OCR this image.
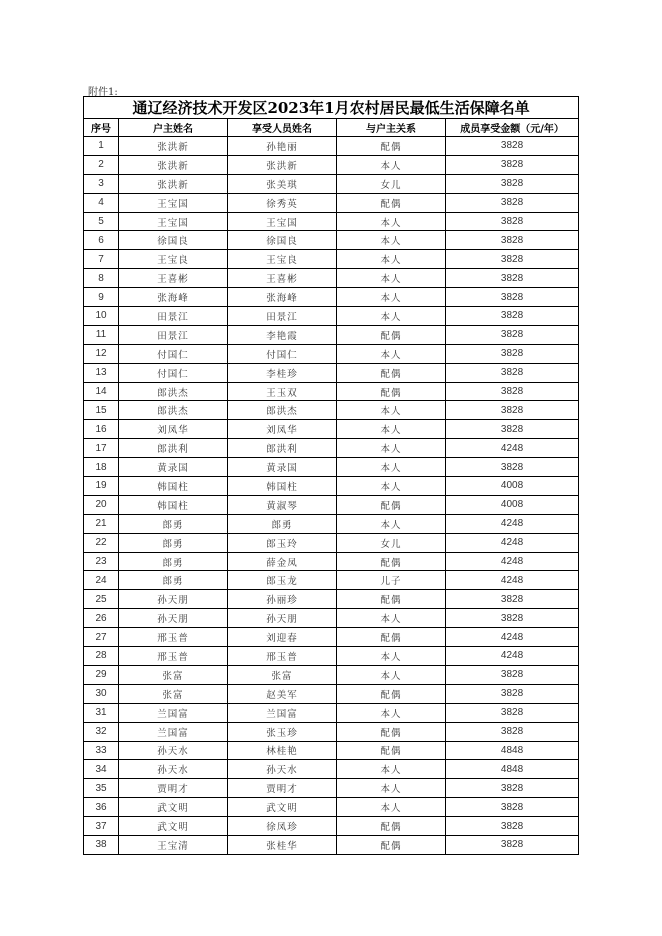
附件1:
通辽经济技术开发区2023年1月农村居民最低生活保障名单				
序号	户主姓名	享受人员姓名	与户主关系	成员享受金额（元/年）
1	张洪新	孙艳丽	配偶	3828
2	张洪新	张洪新	本人	3828
3	张洪新	张美琪	女儿	3828
4	王宝国	徐秀英	配偶	3828
5	王宝国	王宝国	本人	3828
6	徐国良	徐国良	本人	3828
7	王宝良	王宝良	本人	3828
8	王喜彬	王喜彬	本人	3828
9	张海峰	张海峰	本人	3828
10	田景江	田景江	本人	3828
11	田景江	李艳霞	配偶	3828
12	付国仁	付国仁	本人	3828
13	付国仁	李桂珍	配偶	3828
14	郎洪杰	王玉双	配偶	3828
15	郎洪杰	郎洪杰	本人	3828
16	刘凤华	刘凤华	本人	3828
17	郎洪利	郎洪利	本人	4248
18	黄录国	黄录国	本人	3828
19	韩国柱	韩国柱	本人	4008
20	韩国柱	黄淑琴	配偶	4008
21	郎勇	郎勇	本人	4248
22	郎勇	郎玉玲	女儿	4248
23	郎勇	薛金凤	配偶	4248
24	郎勇	郎玉龙	儿子	4248
25	孙天朋	孙丽珍	配偶	3828
26	孙天朋	孙天朋	本人	3828
27	邢玉普	刘迎春	配偶	4248
28	邢玉普	邢玉普	本人	4248
29	张富	张富	本人	3828
30	张富	赵美军	配偶	3828
31	兰国富	兰国富	本人	3828
32	兰国富	张玉珍	配偶	3828
33	孙天水	林桂艳	配偶	4848
34	孙天水	孙天水	本人	4848
35	贾明才	贾明才	本人	3828
36	武文明	武文明	本人	3828
37	武文明	徐凤珍	配偶	3828
38	王宝清	张桂华	配偶	3828
